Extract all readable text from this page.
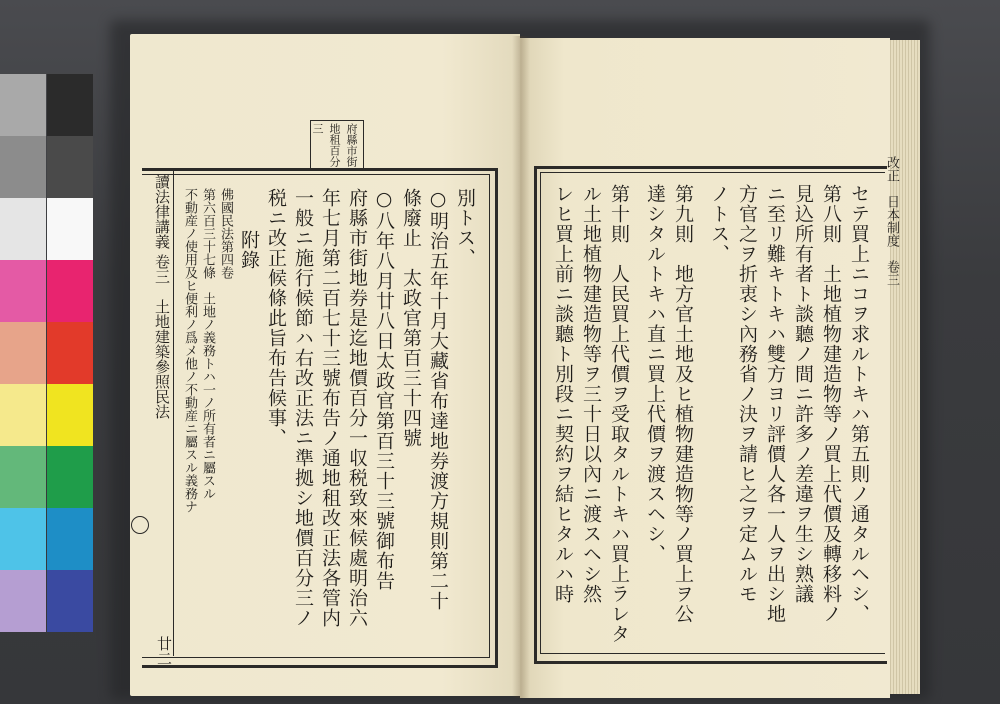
讀法律講義 卷三　土地建築參照民法
廿二
府縣市街地租百分三
別トス、
○明治五年十月大藏省布達地券渡方規則第二十
條廢止　太政官第百三十四號
○八年八月廿八日太政官第百三十三號御布告
府縣市街地券是迄地價百分一収税致來候處明治六
年七月第二百七十三號布告ノ通地租改正法各管内
一般ニ施行候節ハ右改正法ニ準拠シ地價百分三ノ
税ニ改正候條此旨布告候事、
附錄
佛國民法第四卷
第六百三十七條　土地ノ義務トハ一ノ所有者ニ屬スル
不動産ノ使用及ヒ便利ノ爲メ他ノ不動産ニ屬スル義務ナ	改正　日本制度　卷三
セテ買上ニコヲ求ルトキハ第五則ノ通タルヘシ、
第八則　土地植物建造物等ノ買上代價及轉移料ノ
見込所有者ト談聽ノ間ニ許多ノ差違ヲ生シ熟議
ニ至リ難キトキハ雙方ヨリ評價人各一人ヲ出シ地
方官之ヲ折衷シ內務省ノ決ヲ請ヒ之ヲ定ムルモ
ノトス、
第九則　地方官土地及ヒ植物建造物等ノ買上ヲ公
達シタルトキハ直ニ買上代價ヲ渡スヘシ、
第十則　人民買上代價ヲ受取タルトキハ買上ラレタ
ル土地植物建造物等ヲ三十日以內ニ渡スヘシ然
レヒ買上前ニ談聽ト別段ニ契約ヲ結ヒタルハ時
